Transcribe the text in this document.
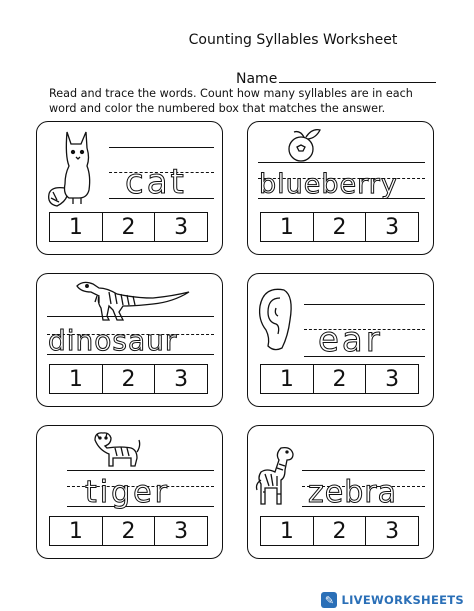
Counting Syllables Worksheet
Name
Read and trace the words. Count how many syllables are in each word and color the numbered box that matches the answer.
cat
1	2	3
blueberry
1	2	3
dinosaur
1	2	3
ear
1	2	3
tiger
1	2	3
zebra
1	2	3
✎ LIVEWORKSHEETS
